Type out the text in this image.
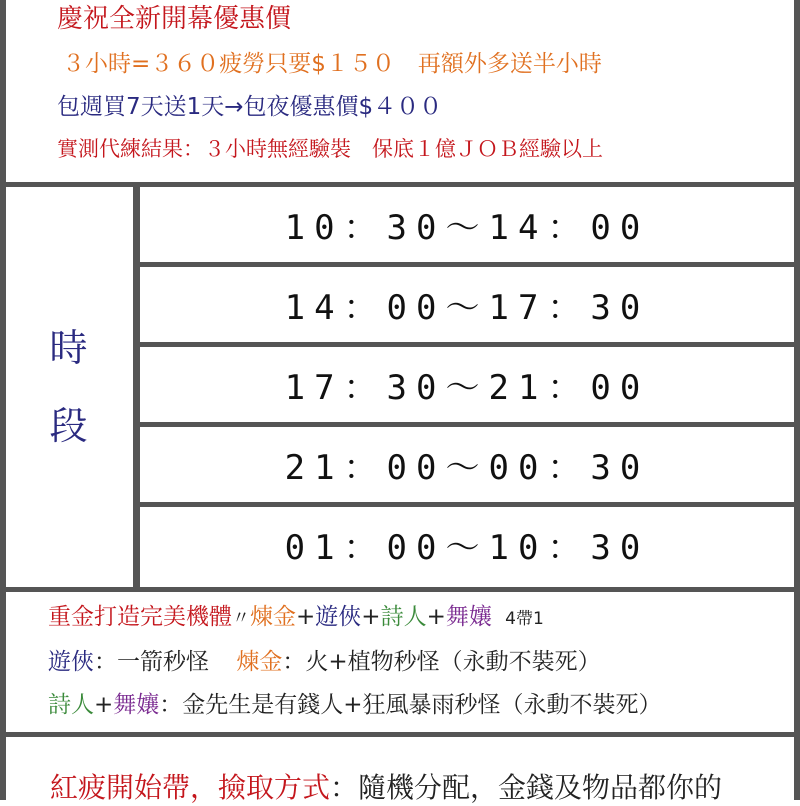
慶祝全新開幕優惠價
３小時=３６０疲勞只要$１５０　再額外多送半小時
包週買7天送1天→包夜優惠價$４００
實測代練結果：３小時無經驗裝　保底１億ＪＯＢ經驗以上
時
段
10：30～14：00
14：00～17：30
17：30～21：00
21：00～00：30
01：00～10：30
重金打造完美機體〃煉金+遊俠+詩人+舞孃 4帶1
遊俠：一箭秒怪 煉金：火+植物秒怪（永動不裝死）
詩人+舞孃：金先生是有錢人+狂風暴雨秒怪（永動不裝死）
紅疲開始帶，撿取方式：隨機分配，金錢及物品都你的
